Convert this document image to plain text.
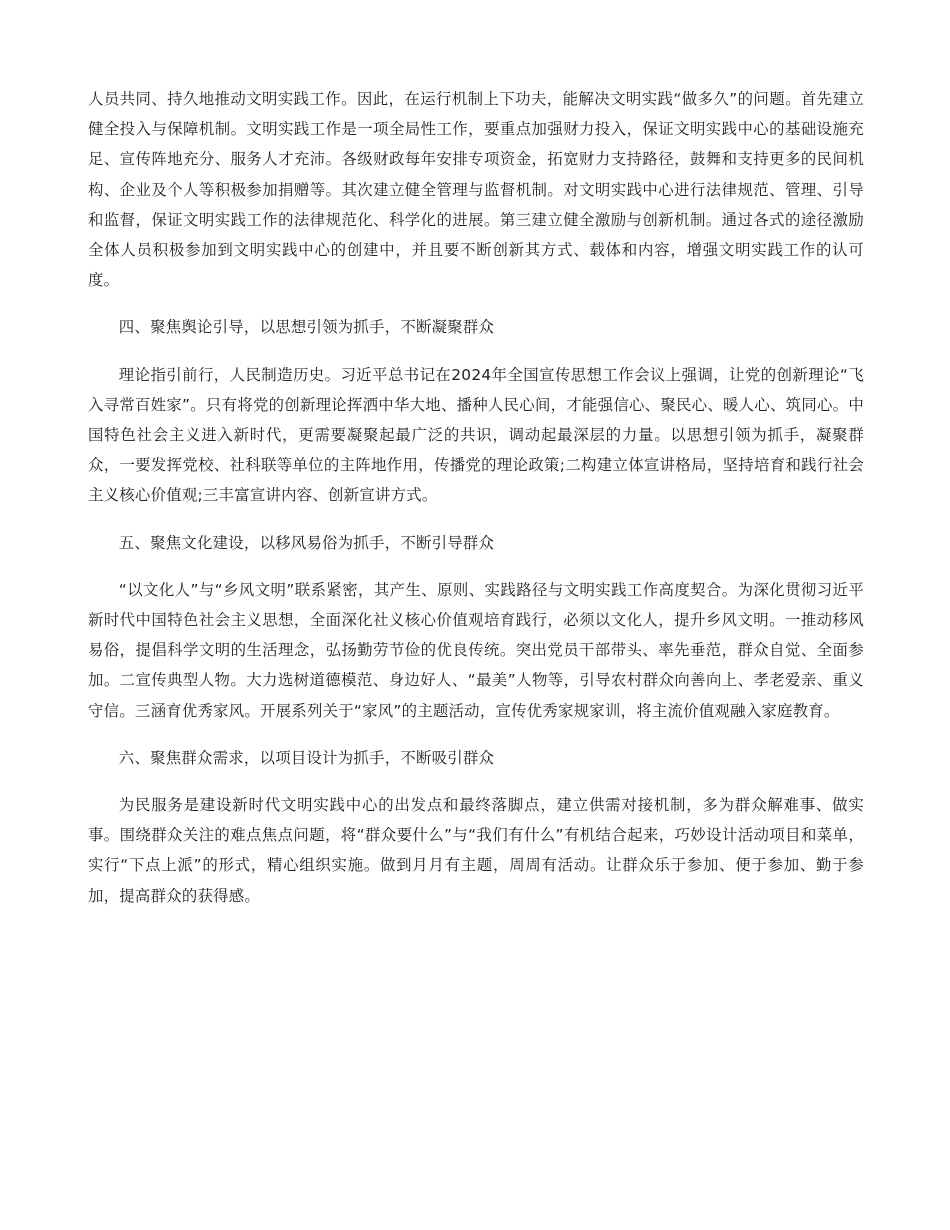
人员共同、持久地推动文明实践工作。因此，在运行机制上下功夫，能解决文明实践“做多久”的问题。首先建立健全投入与保障机制。文明实践工作是一项全局性工作，要重点加强财力投入，保证文明实践中心的基础设施充足、宣传阵地充分、服务人才充沛。各级财政每年安排专项资金，拓宽财力支持路径，鼓舞和支持更多的民间机构、企业及个人等积极参加捐赠等。其次建立健全管理与监督机制。对文明实践中心进行法律规范、管理、引导和监督，保证文明实践工作的法律规范化、科学化的进展。第三建立健全激励与创新机制。通过各式的途径激励全体人员积极参加到文明实践中心的创建中，并且要不断创新其方式、载体和内容，增强文明实践工作的认可度。

四、聚焦舆论引导，以思想引领为抓手，不断凝聚群众

理论指引前行，人民制造历史。习近平总书记在2024年全国宣传思想工作会议上强调，让党的创新理论“飞入寻常百姓家”。只有将党的创新理论挥洒中华大地、播种人民心间，才能强信心、聚民心、暖人心、筑同心。中国特色社会主义进入新时代，更需要凝聚起最广泛的共识，调动起最深层的力量。以思想引领为抓手，凝聚群众，一要发挥党校、社科联等单位的主阵地作用，传播党的理论政策;二构建立体宣讲格局，坚持培育和践行社会主义核心价值观;三丰富宣讲内容、创新宣讲方式。

五、聚焦文化建设，以移风易俗为抓手，不断引导群众

“以文化人”与“乡风文明”联系紧密，其产生、原则、实践路径与文明实践工作高度契合。为深化贯彻习近平新时代中国特色社会主义思想，全面深化社义核心价值观培育践行，必须以文化人，提升乡风文明。一推动移风易俗，提倡科学文明的生活理念，弘扬勤劳节俭的优良传统。突出党员干部带头、率先垂范，群众自觉、全面参加。二宣传典型人物。大力选树道德模范、身边好人、“最美”人物等，引导农村群众向善向上、孝老爱亲、重义守信。三涵育优秀家风。开展系列关于“家风”的主题活动，宣传优秀家规家训，将主流价值观融入家庭教育。

六、聚焦群众需求，以项目设计为抓手，不断吸引群众

为民服务是建设新时代文明实践中心的出发点和最终落脚点，建立供需对接机制，多为群众解难事、做实事。围绕群众关注的难点焦点问题，将“群众要什么”与“我们有什么”有机结合起来，巧妙设计活动项目和菜单，实行“下点上派”的形式，精心组织实施。做到月月有主题，周周有活动。让群众乐于参加、便于参加、勤于参加，提高群众的获得感。
